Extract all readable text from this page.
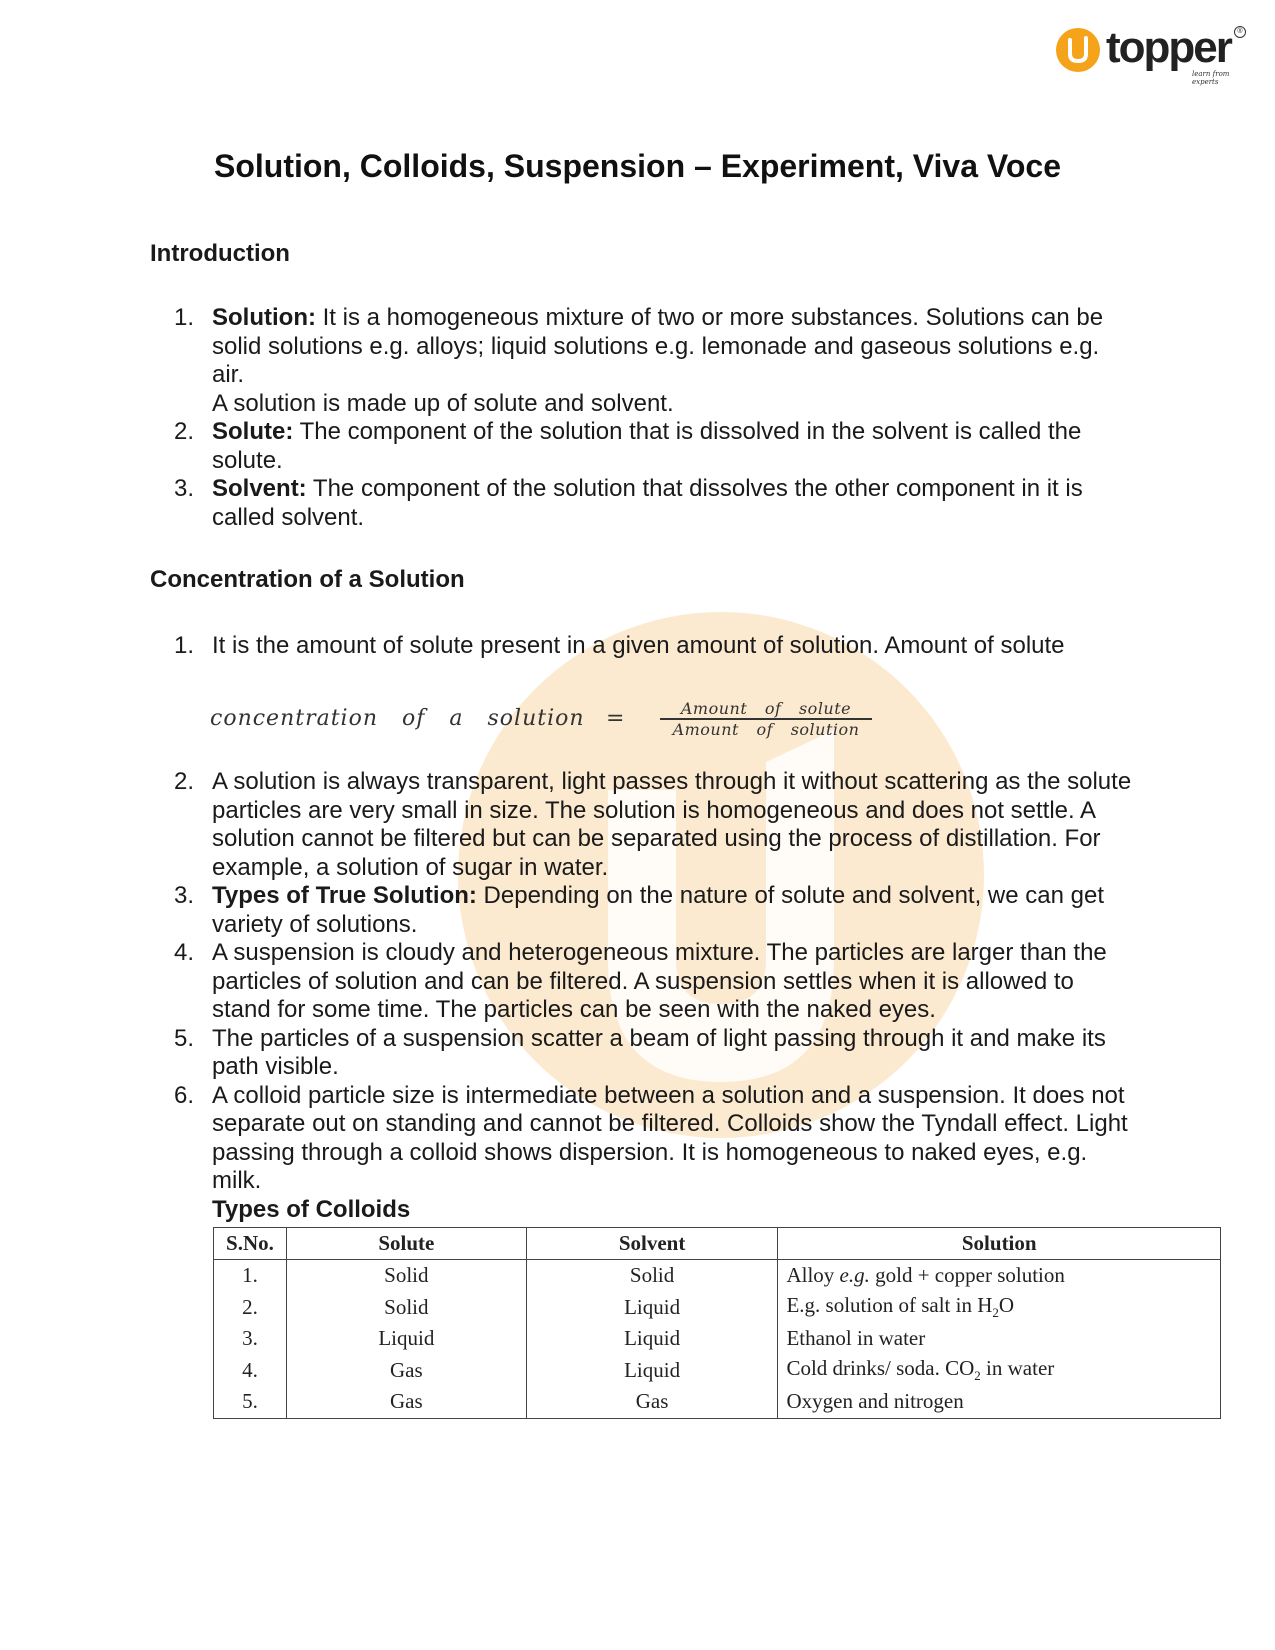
topper ®
learn from experts
Solution, Colloids, Suspension – Experiment, Viva Voce
Introduction
1. Solution: It is a homogeneous mixture of two or more substances. Solutions can be solid solutions e.g. alloys; liquid solutions e.g. lemonade and gaseous solutions e.g. air.
A solution is made up of solute and solvent.
2. Solute: The component of the solution that is dissolved in the solvent is called the solute.
3. Solvent: The component of the solution that dissolves the other component in it is called solvent.
Concentration of a Solution
1. It is the amount of solute present in a given amount of solution. Amount of solute
concentration of a solution =	Amount of solute
Amount of solution
2. A solution is always transparent, light passes through it without scattering as the solute particles are very small in size. The solution is homogeneous and does not settle. A solution cannot be filtered but can be separated using the process of distillation. For example, a solution of sugar in water.
3. Types of True Solution: Depending on the nature of solute and solvent, we can get variety of solutions.
4. A suspension is cloudy and heterogeneous mixture. The particles are larger than the particles of solution and can be filtered. A suspension settles when it is allowed to stand for some time. The particles can be seen with the naked eyes.
5. The particles of a suspension scatter a beam of light passing through it and make its path visible.
6. A colloid particle size is intermediate between a solution and a suspension. It does not separate out on standing and cannot be filtered. Colloids show the Tyndall effect. Light passing through a colloid shows dispersion. It is homogeneous to naked eyes, e.g. milk.
Types of Colloids
S.No.	Solute	Solvent	Solution
1.	Solid	Solid	Alloy e.g. gold + copper solution
2.	Solid	Liquid	E.g. solution of salt in $H_2O$
3.	Liquid	Liquid	Ethanol in water
4.	Gas	Liquid	Cold drinks/ soda. $CO_2$ in water
5.	Gas	Gas	Oxygen and nitrogen
